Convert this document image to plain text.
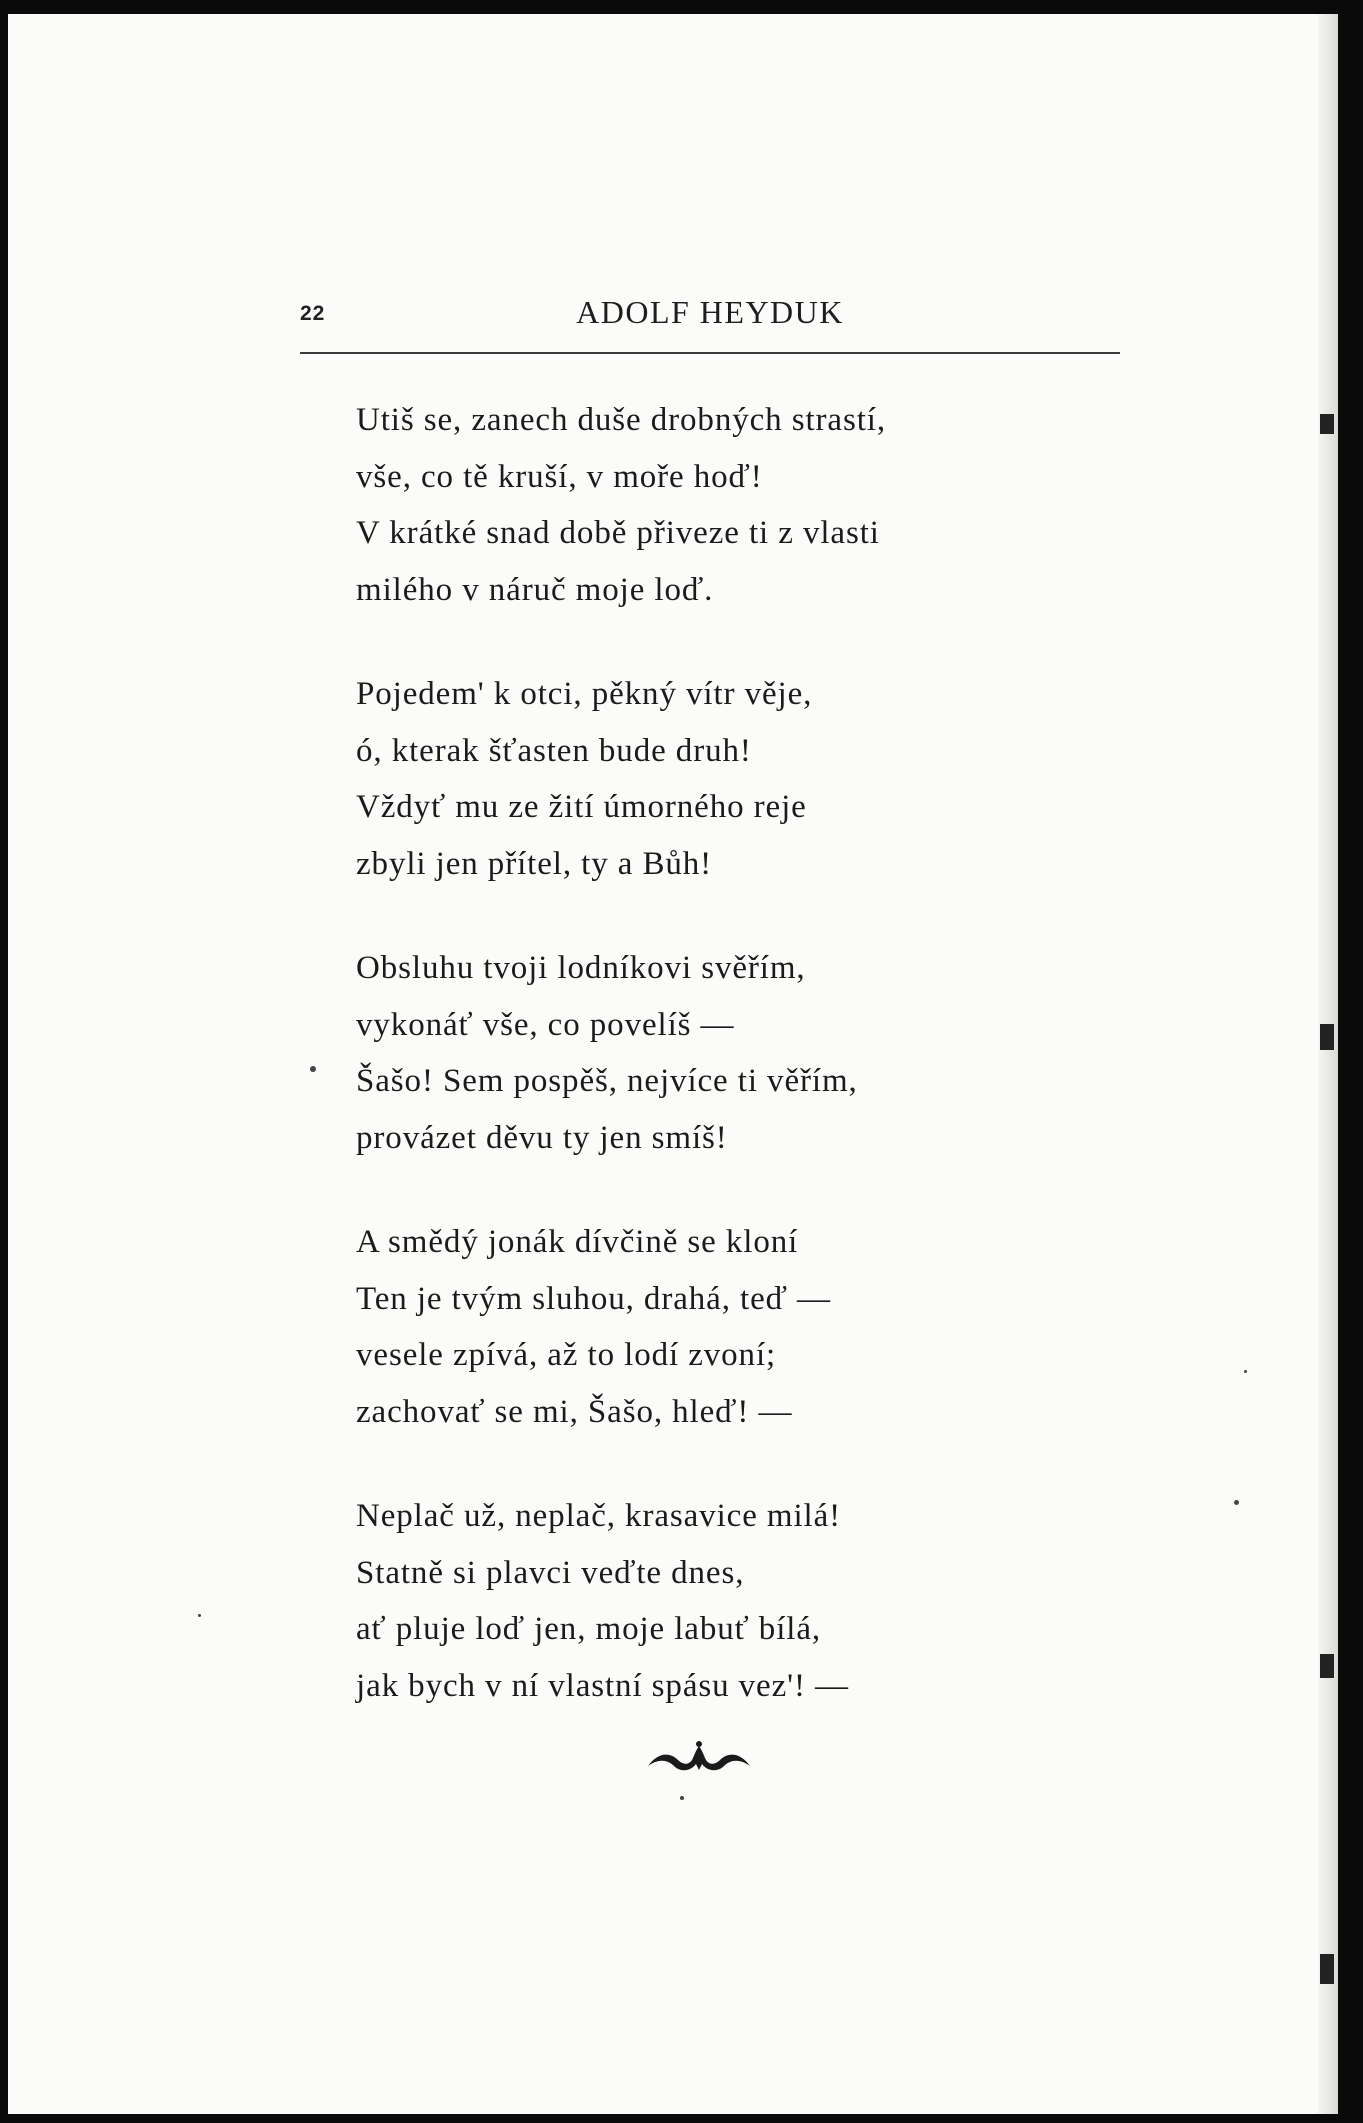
22	ADOLF HEYDUK
Utiš se, zanech duše drobných strastí,
vše, co tě kruší, v moře hoď!
V krátké snad době přiveze ti z vlasti
milého v náruč moje loď.
Pojedem' k otci, pěkný vítr věje,
ó, kterak šťasten bude druh!
Vždyť mu ze žití úmorného reje
zbyli jen přítel, ty a Bůh!
Obsluhu tvoji lodníkovi svěřím,
vykonáť vše, co povelíš —
Šašo! Sem pospěš, nejvíce ti věřím,
provázet děvu ty jen smíš!
A smědý jonák dívčině se kloní
Ten je tvým sluhou, drahá, teď —
vesele zpívá, až to lodí zvoní;
zachovať se mi, Šašo, hleď! —
Neplač už, neplač, krasavice milá!
Statně si plavci veďte dnes,
ať pluje loď jen, moje labuť bílá,
jak bych v ní vlastní spásu vez'! —
